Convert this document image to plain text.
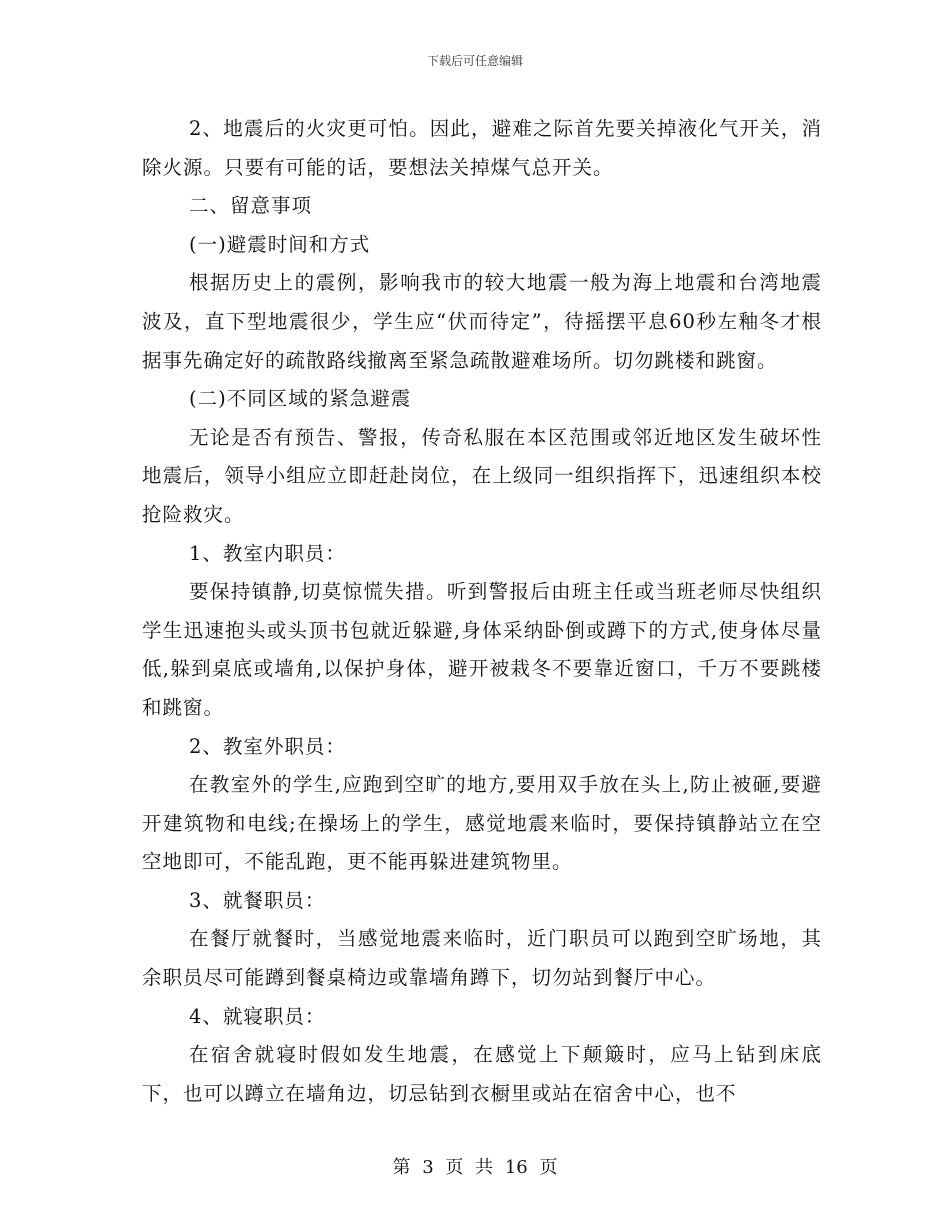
下载后可任意编辑

2、地震后的火灾更可怕。因此，避难之际首先要关掉液化气开关，消除火源。只要有可能的话，要想法关掉煤气总开关。

二、留意事项

(一)避震时间和方式

根据历史上的震例，影响我市的较大地震一般为海上地震和台湾地震波及，直下型地震很少，学生应“伏而待定”，待摇摆平息60秒左釉冬才根据事先确定好的疏散路线撤离至紧急疏散避难场所。切勿跳楼和跳窗。

(二)不同区域的紧急避震

无论是否有预告、警报，传奇私服在本区范围或邻近地区发生破坏性地震后，领导小组应立即赶赴岗位，在上级同一组织指挥下，迅速组织本校抢险救灾。

1、教室内职员：

要保持镇静,切莫惊慌失措。听到警报后由班主任或当班老师尽快组织学生迅速抱头或头顶书包就近躲避,身体采纳卧倒或蹲下的方式,使身体尽量低,躲到桌底或墙角,以保护身体，避开被栽冬不要靠近窗口，千万不要跳楼和跳窗。

2、教室外职员：

在教室外的学生,应跑到空旷的地方,要用双手放在头上,防止被砸,要避开建筑物和电线;在操场上的学生，感觉地震来临时，要保持镇静站立在空空地即可，不能乱跑，更不能再躲进建筑物里。

3、就餐职员：

在餐厅就餐时，当感觉地震来临时，近门职员可以跑到空旷场地，其余职员尽可能蹲到餐桌椅边或靠墙角蹲下，切勿站到餐厅中心。

4、就寝职员：

在宿舍就寝时假如发生地震，在感觉上下颠簸时，应马上钻到床底下，也可以蹲立在墙角边，切忌钻到衣橱里或站在宿舍中心，也不

第 3 页 共 16 页
